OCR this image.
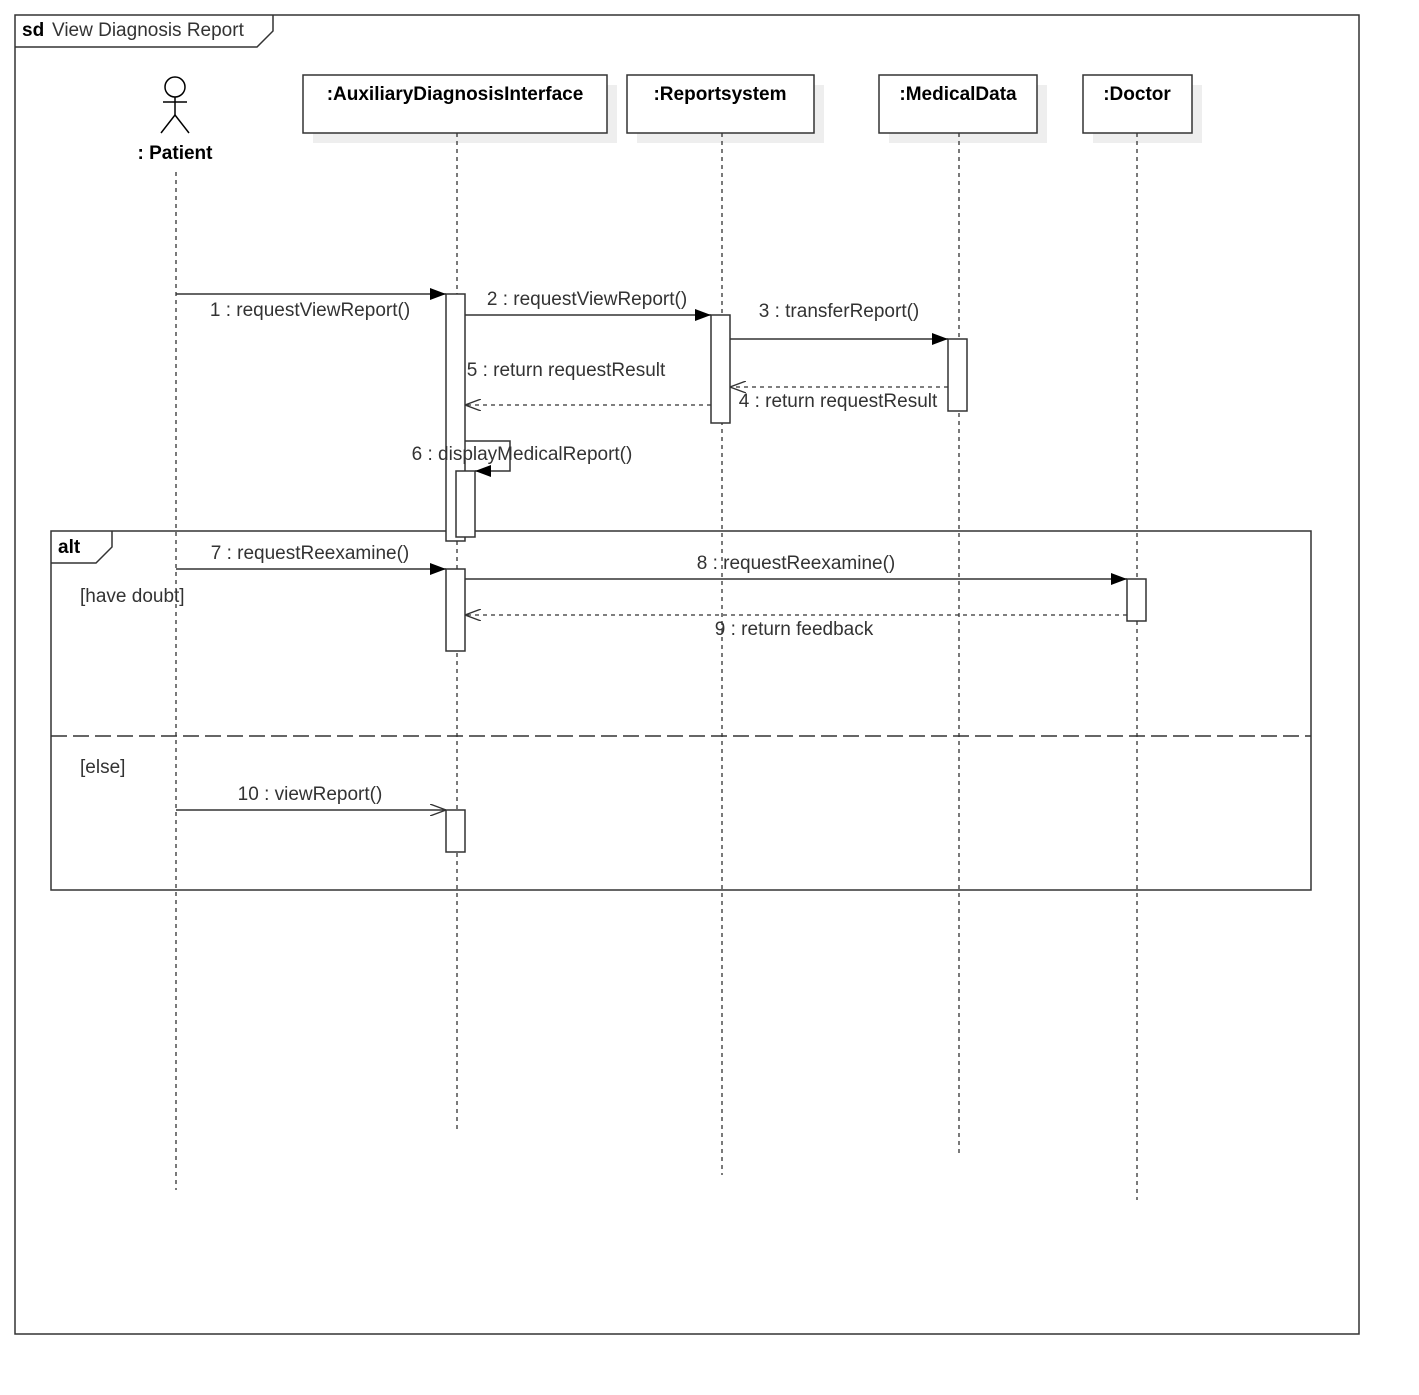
sd View Diagnosis Report
: Patient
:AuxiliaryDiagnosisInterface	:Reportsystem	:MedicalData	:Doctor
alt
[have doubt]
[else]
1 : requestViewReport()
2 : requestViewReport()
3 : transferReport()
4 : return requestResult
5 : return requestResult
6 : displayMedicalReport()
7 : requestReexamine()	8 : requestReexamine()
9 : return feedback
10 : viewReport()
